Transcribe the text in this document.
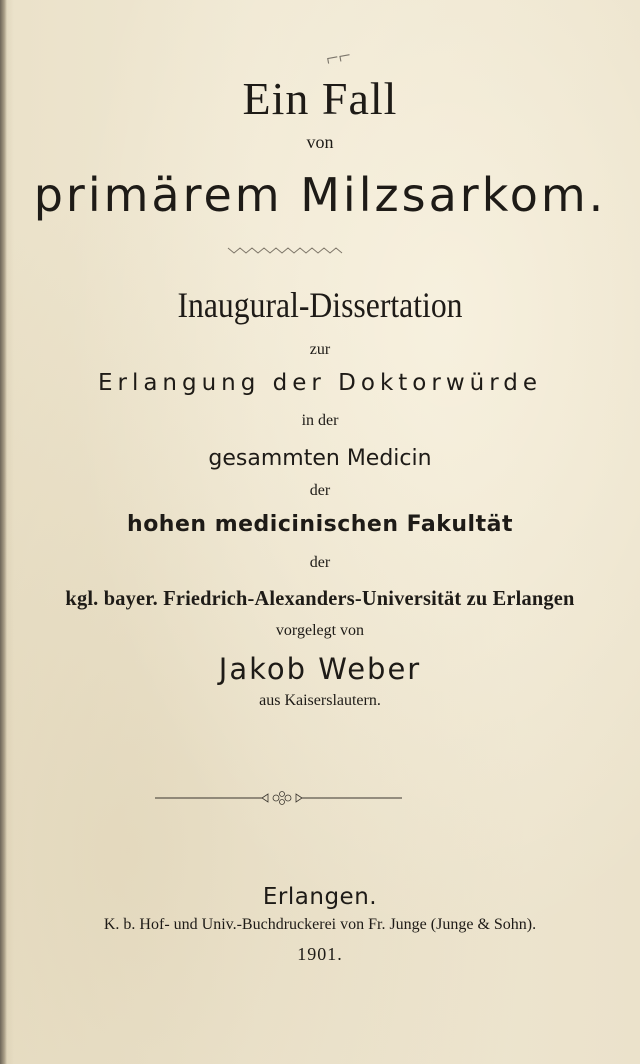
⌐⌐
Ein Fall

von

primärem Milzsarkom.
Inaugural-Dissertation

zur

Erlangung der Doktorwürde

in der

gesammten Medicin

der

hohen medicinischen Fakultät

der

kgl. bayer. Friedrich-Alexanders-Universität zu Erlangen

vorgelegt von

Jakob Weber

aus Kaiserslautern.

Erlangen.

K. b. Hof- und Univ.-Buchdruckerei von Fr. Junge (Junge & Sohn).

1901.
